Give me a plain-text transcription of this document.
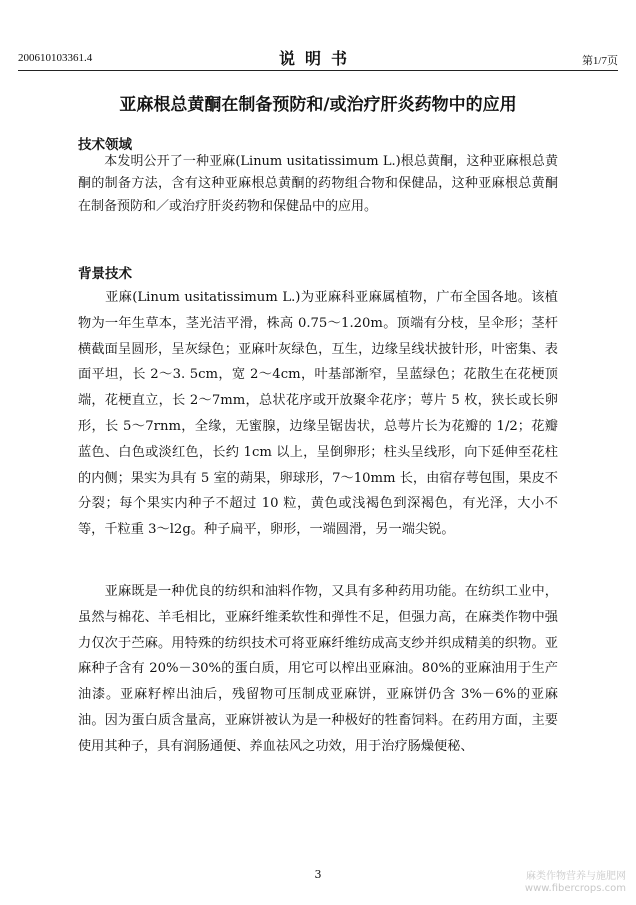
200610103361.4	说明书	第1/7页
亚麻根总黄酮在制备预防和/或治疗肝炎药物中的应用
技术领域

　　本发明公开了一种亚麻(Linum usitatissimum L.)根总黄酮，这种亚麻根总黄酮的制备方法，含有这种亚麻根总黄酮的药物组合物和保健品，这种亚麻根总黄酮在制备预防和／或治疗肝炎药物和保健品中的应用。

背景技术

　　亚麻(Linum usitatissimum L.)为亚麻科亚麻属植物，广布全国各地。该植物为一年生草本，茎光洁平滑，株高 0.75～1.20m。顶端有分枝，呈伞形；茎杆横截面呈圆形，呈灰绿色；亚麻叶灰绿色，互生，边缘呈线状披针形，叶密集、表面平坦，长 2～3. 5cm，宽 2～4cm，叶基部渐窄，呈蓝绿色；花散生在花梗顶端，花梗直立，长 2～7mm，总状花序或开放聚伞花序；萼片 5 枚，狭长或长卵形，长 5～7rnm，全缘，无蜜腺，边缘呈锯齿状，总萼片长为花瓣的 1/2；花瓣蓝色、白色或淡红色，长约 1cm 以上，呈倒卵形；柱头呈线形，向下延伸至花柱的内侧；果实为具有 5 室的蒴果，卵球形，7～10mm 长，由宿存萼包围，果皮不分裂；每个果实内种子不超过 10 粒，黄色或浅褐色到深褐色，有光泽，大小不等，千粒重 3～l2g。种子扁平，卵形，一端圆滑，另一端尖锐。

　　亚麻既是一种优良的纺织和油料作物，又具有多种药用功能。在纺织工业中，虽然与棉花、羊毛相比，亚麻纤维柔软性和弹性不足，但强力高，在麻类作物中强力仅次于苎麻。用特殊的纺织技术可将亚麻纤维纺成高支纱并织成精美的织物。亚麻种子含有 20%－30%的蛋白质，用它可以榨出亚麻油。80%的亚麻油用于生产油漆。亚麻籽榨出油后，残留物可压制成亚麻饼，亚麻饼仍含 3%－6%的亚麻油。因为蛋白质含量高，亚麻饼被认为是一种极好的牲畜饲料。在药用方面，主要使用其种子，具有润肠通便、养血祛风之功效，用于治疗肠燥便秘、

3	麻类作物营养与施肥网
www.fibercrops.com
